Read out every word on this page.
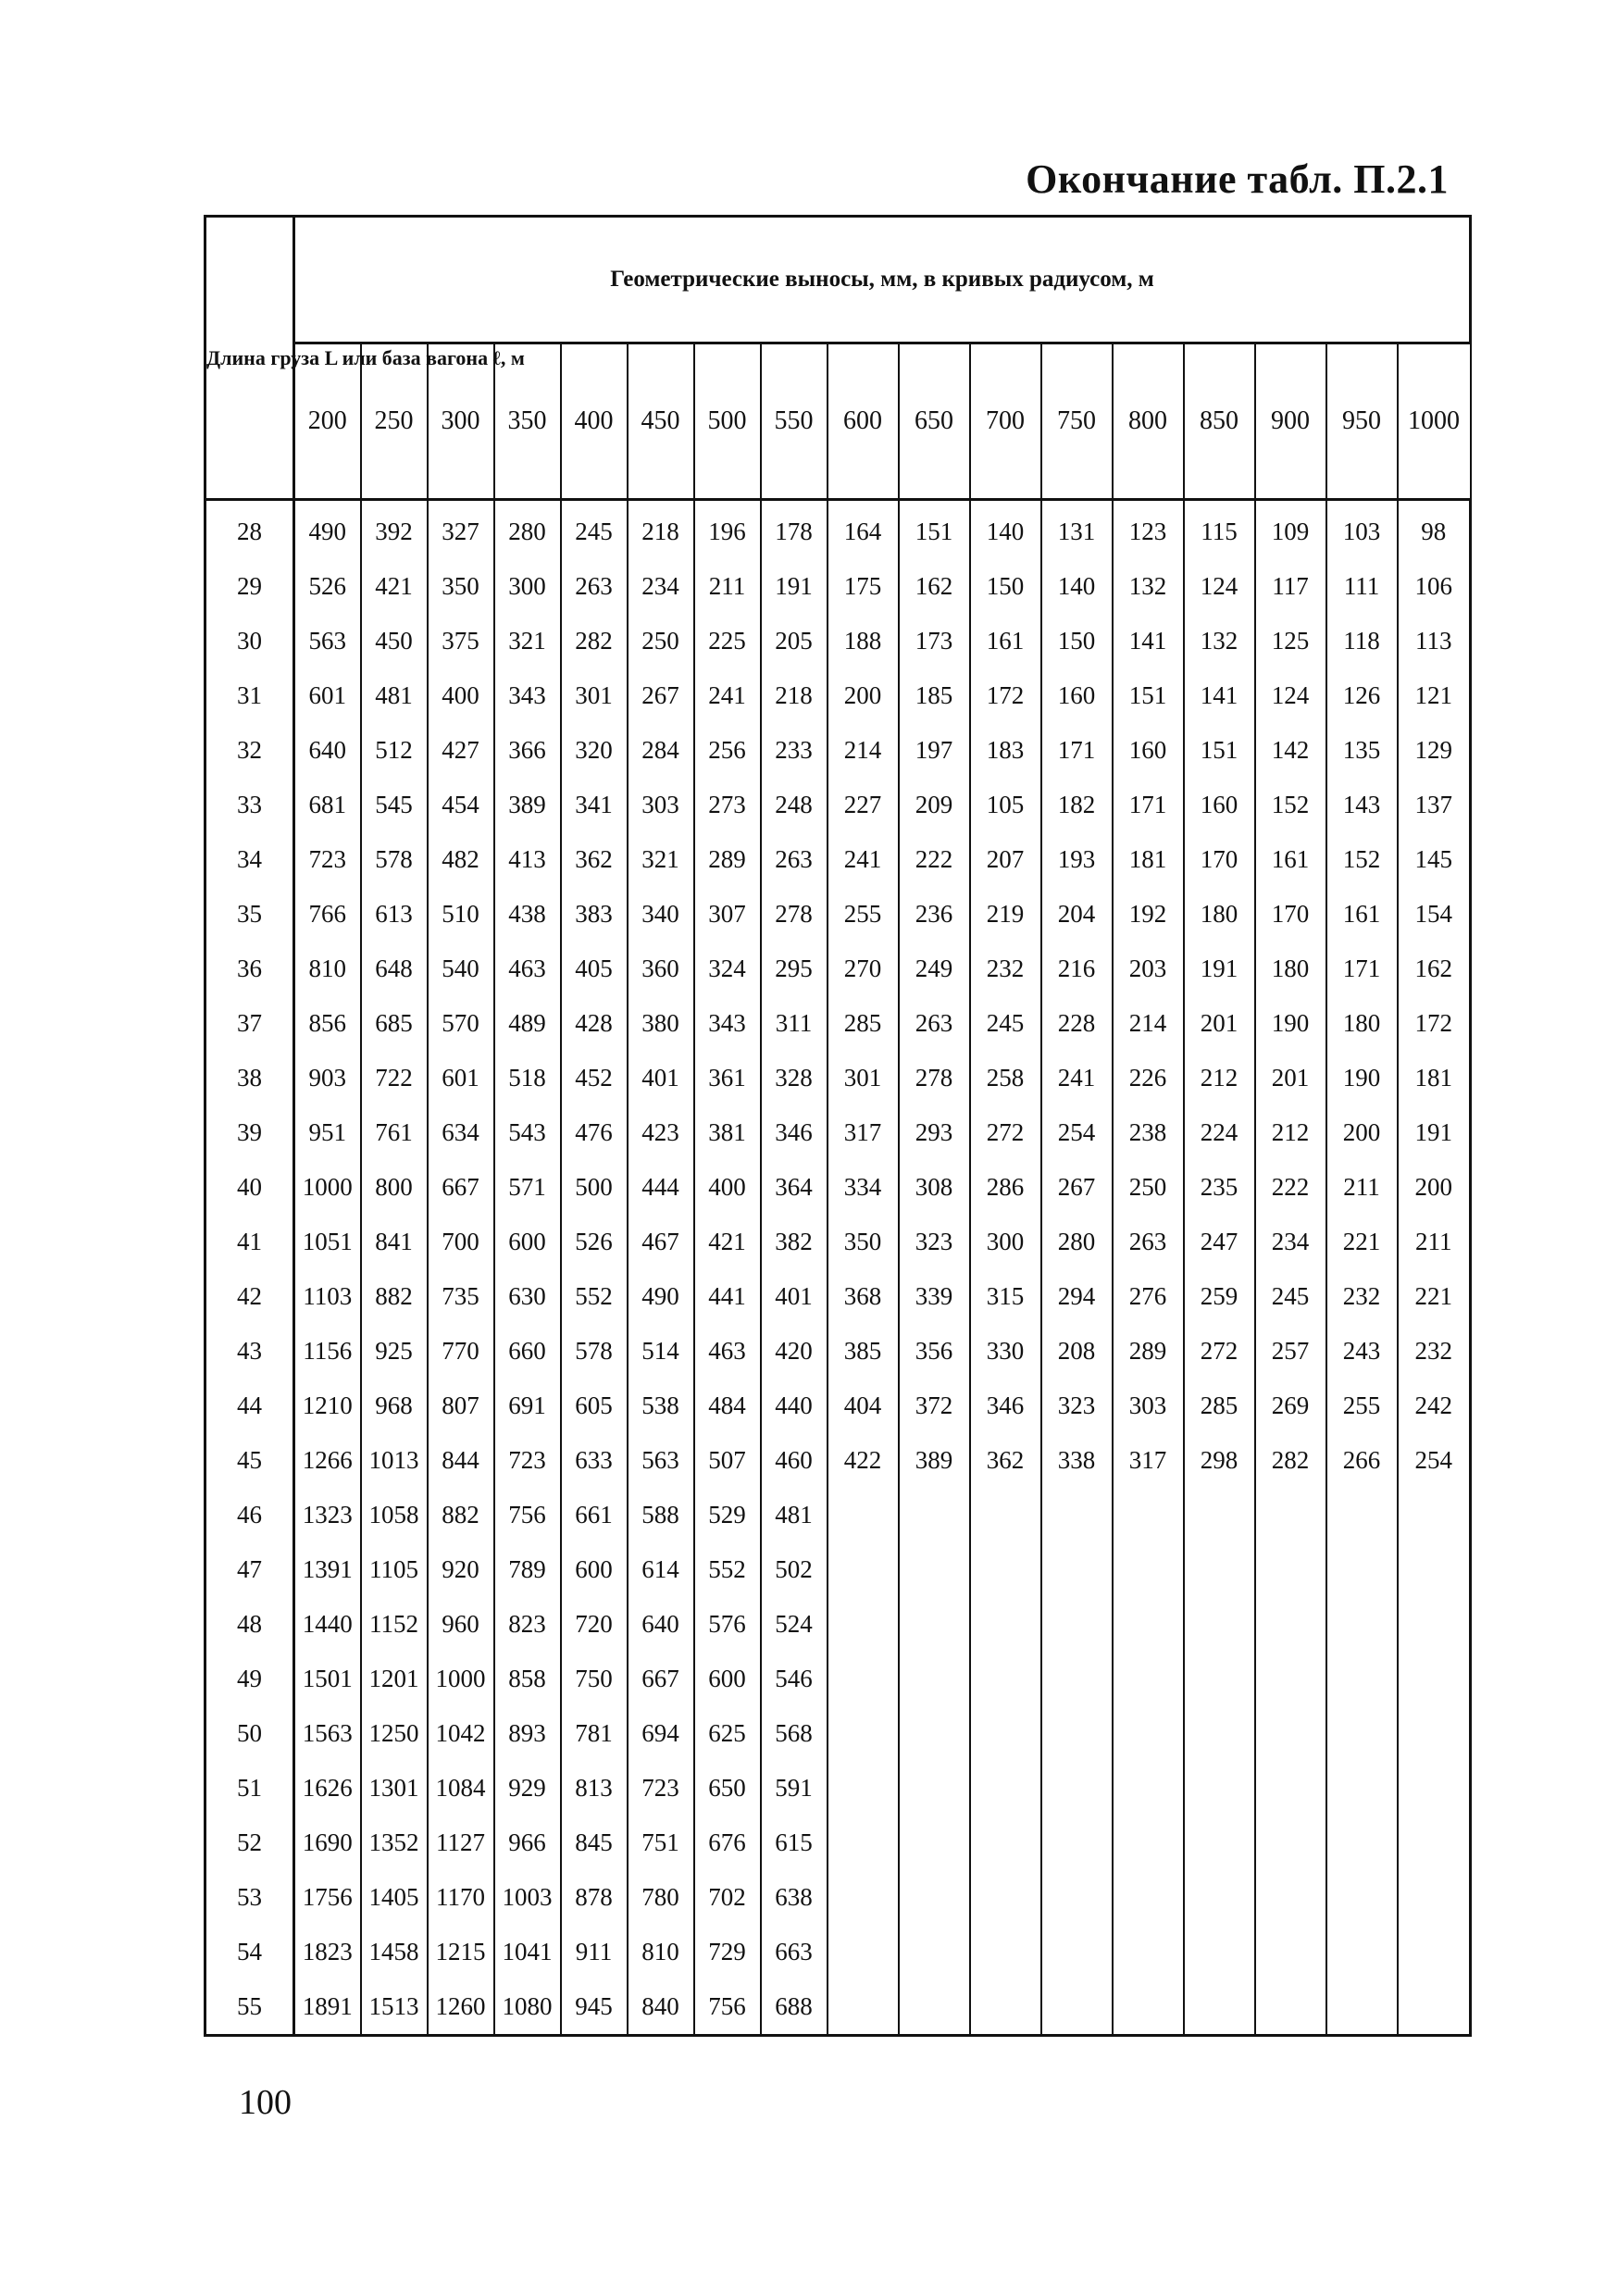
Окончание табл. П.2.1
Длина груза L или база вагона ℓ, м	Геометрические выносы, мм, в кривых радиусом, м																
	200	250	300	350	400	450	500	550	600	650	700	750	800	850	900	950	1000
28	490	392	327	280	245	218	196	178	164	151	140	131	123	115	109	103	98
29	526	421	350	300	263	234	211	191	175	162	150	140	132	124	117	111	106
30	563	450	375	321	282	250	225	205	188	173	161	150	141	132	125	118	113
31	601	481	400	343	301	267	241	218	200	185	172	160	151	141	124	126	121
32	640	512	427	366	320	284	256	233	214	197	183	171	160	151	142	135	129
33	681	545	454	389	341	303	273	248	227	209	105	182	171	160	152	143	137
34	723	578	482	413	362	321	289	263	241	222	207	193	181	170	161	152	145
35	766	613	510	438	383	340	307	278	255	236	219	204	192	180	170	161	154
36	810	648	540	463	405	360	324	295	270	249	232	216	203	191	180	171	162
37	856	685	570	489	428	380	343	311	285	263	245	228	214	201	190	180	172
38	903	722	601	518	452	401	361	328	301	278	258	241	226	212	201	190	181
39	951	761	634	543	476	423	381	346	317	293	272	254	238	224	212	200	191
40	1000	800	667	571	500	444	400	364	334	308	286	267	250	235	222	211	200
41	1051	841	700	600	526	467	421	382	350	323	300	280	263	247	234	221	211
42	1103	882	735	630	552	490	441	401	368	339	315	294	276	259	245	232	221
43	1156	925	770	660	578	514	463	420	385	356	330	208	289	272	257	243	232
44	1210	968	807	691	605	538	484	440	404	372	346	323	303	285	269	255	242
45	1266	1013	844	723	633	563	507	460	422	389	362	338	317	298	282	266	254
46	1323	1058	882	756	661	588	529	481									
47	1391	1105	920	789	600	614	552	502									
48	1440	1152	960	823	720	640	576	524									
49	1501	1201	1000	858	750	667	600	546									
50	1563	1250	1042	893	781	694	625	568									
51	1626	1301	1084	929	813	723	650	591									
52	1690	1352	1127	966	845	751	676	615									
53	1756	1405	1170	1003	878	780	702	638									
54	1823	1458	1215	1041	911	810	729	663									
55	1891	1513	1260	1080	945	840	756	688									
100
